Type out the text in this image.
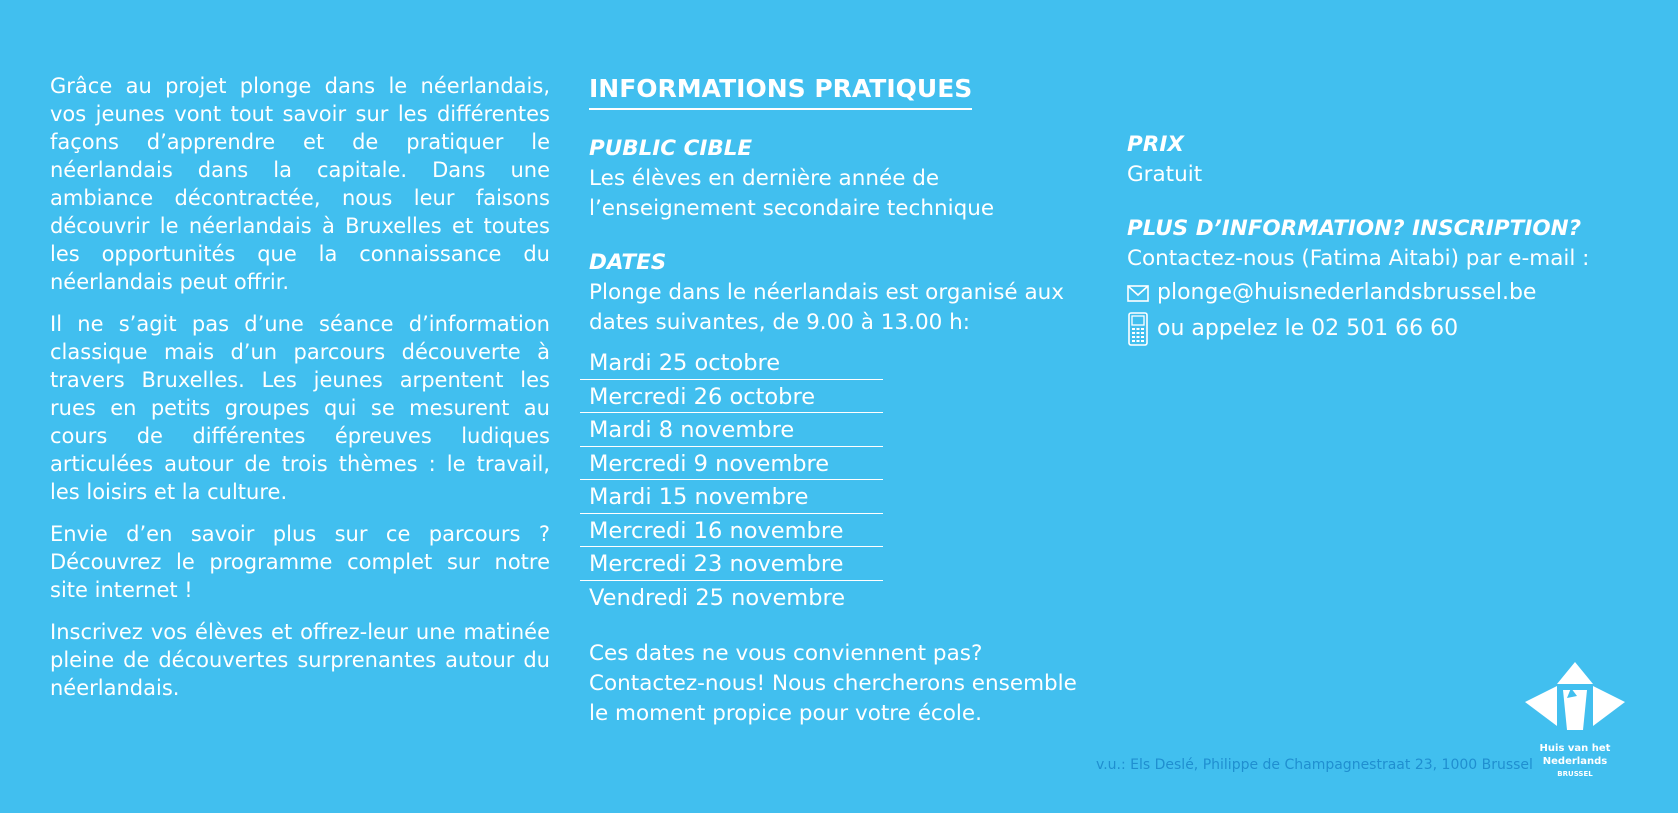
Grâce au projet plonge dans le néerlandais, vos jeunes vont tout savoir sur les différentes façons d’apprendre et de pratiquer le néerlandais dans la capitale. Dans une ambiance décontractée, nous leur faisons découvrir le néerlandais à Bruxelles et toutes les opportunités que la connaissance du néerlandais peut offrir.

Il ne s’agit pas d’une séance d’information classique mais d’un parcours découverte à travers Bruxelles. Les jeunes arpentent les rues en petits groupes qui se mesurent au cours de différentes épreuves ludiques articulées autour de trois thèmes : le travail, les loisirs et la culture.

Envie d’en savoir plus sur ce parcours ? Découvrez le programme complet sur notre site internet !

Inscrivez vos élèves et offrez-leur une matinée pleine de découvertes surprenantes autour du néerlandais.

INFORMATIONS PRATIQUES
PUBLIC CIBLE

Les élèves en dernière année de l’enseignement secondaire technique

DATES

Plonge dans le néerlandais est organisé aux dates suivantes, de 9.00 à 13.00 h:

Mardi 25 octobre
Mercredi 26 octobre
Mardi 8 novembre
Mercredi 9 novembre
Mardi 15 novembre
Mercredi 16 novembre
Mercredi 23 novembre
Vendredi 25 novembre

Ces dates ne vous conviennent pas? Contactez-nous! Nous chercherons ensemble le moment propice pour votre école.

PRIX

Gratuit

PLUS D’INFORMATION? INSCRIPTION?

Contactez-nous (Fatima Aitabi) par e-mail :

plonge@huisnederlandsbrussel.be
ou appelez le 02 501 66 60
v.u.: Els Deslé, Philippe de Champagnestraat 23, 1000 Brussel
Huis van het
Nederlands
BRUSSEL
